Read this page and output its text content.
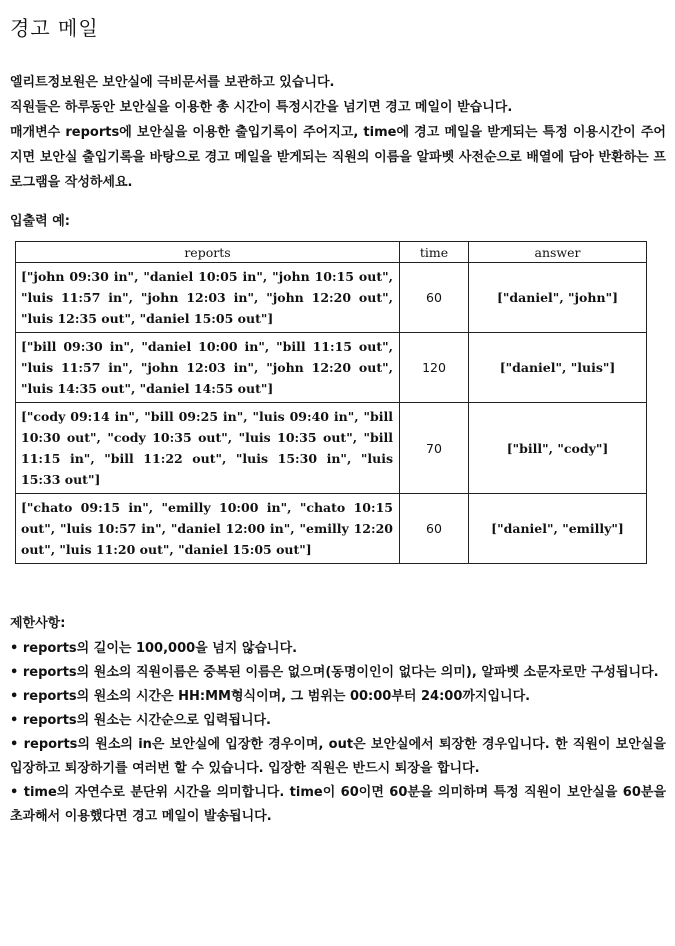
경고 메일

엘리트정보원은 보안실에 극비문서를 보관하고 있습니다.

직원들은 하루동안 보안실을 이용한 총 시간이 특정시간을 넘기면 경고 메일이 받습니다.

매개변수 reports에 보안실을 이용한 출입기록이 주어지고, time에 경고 메일을 받게되는 특정 이용시간이 주어지면 보안실 출입기록을 바탕으로 경고 메일을 받게되는 직원의 이름을 알파벳 사전순으로 배열에 담아 반환하는 프로그램을 작성하세요.

입출력 예:
reports	time	answer
["john 09:30 in", "daniel 10:05 in", "john 10:15 out", "luis 11:57 in", "john 12:03 in", "john 12:20 out", "luis 12:35 out", "daniel 15:05 out"]	60	["daniel", "john"]
["bill 09:30 in", "daniel 10:00 in", "bill 11:15 out", "luis 11:57 in", "john 12:03 in", "john 12:20 out", "luis 14:35 out", "daniel 14:55 out"]	120	["daniel", "luis"]
["cody 09:14 in", "bill 09:25 in", "luis 09:40 in", "bill 10:30 out", "cody 10:35 out", "luis 10:35 out", "bill 11:15 in", "bill 11:22 out", "luis 15:30 in", "luis 15:33 out"]	70	["bill", "cody"]
["chato 09:15 in", "emilly 10:00 in", "chato 10:15 out", "luis 10:57 in", "daniel 12:00 in", "emilly 12:20 out", "luis 11:20 out", "daniel 15:05 out"]	60	["daniel", "emilly"]
제한사항:
• reports의 길이는 100,000을 넘지 않습니다.
• reports의 원소의 직원이름은 중복된 이름은 없으며(동명이인이 없다는 의미), 알파벳 소문자로만 구성됩니다.
• reports의 원소의 시간은 HH:MM형식이며, 그 범위는 00:00부터 24:00까지입니다.
• reports의 원소는 시간순으로 입력됩니다.
• reports의 원소의 in은 보안실에 입장한 경우이며, out은 보안실에서 퇴장한 경우입니다. 한 직원이 보안실을 입장하고 퇴장하기를 여러번 할 수 있습니다. 입장한 직원은 반드시 퇴장을 합니다.
• time의 자연수로 분단위 시간을 의미합니다. time이 60이면 60분을 의미하며 특정 직원이 보안실을 60분을 초과해서 이용했다면 경고 메일이 발송됩니다.
